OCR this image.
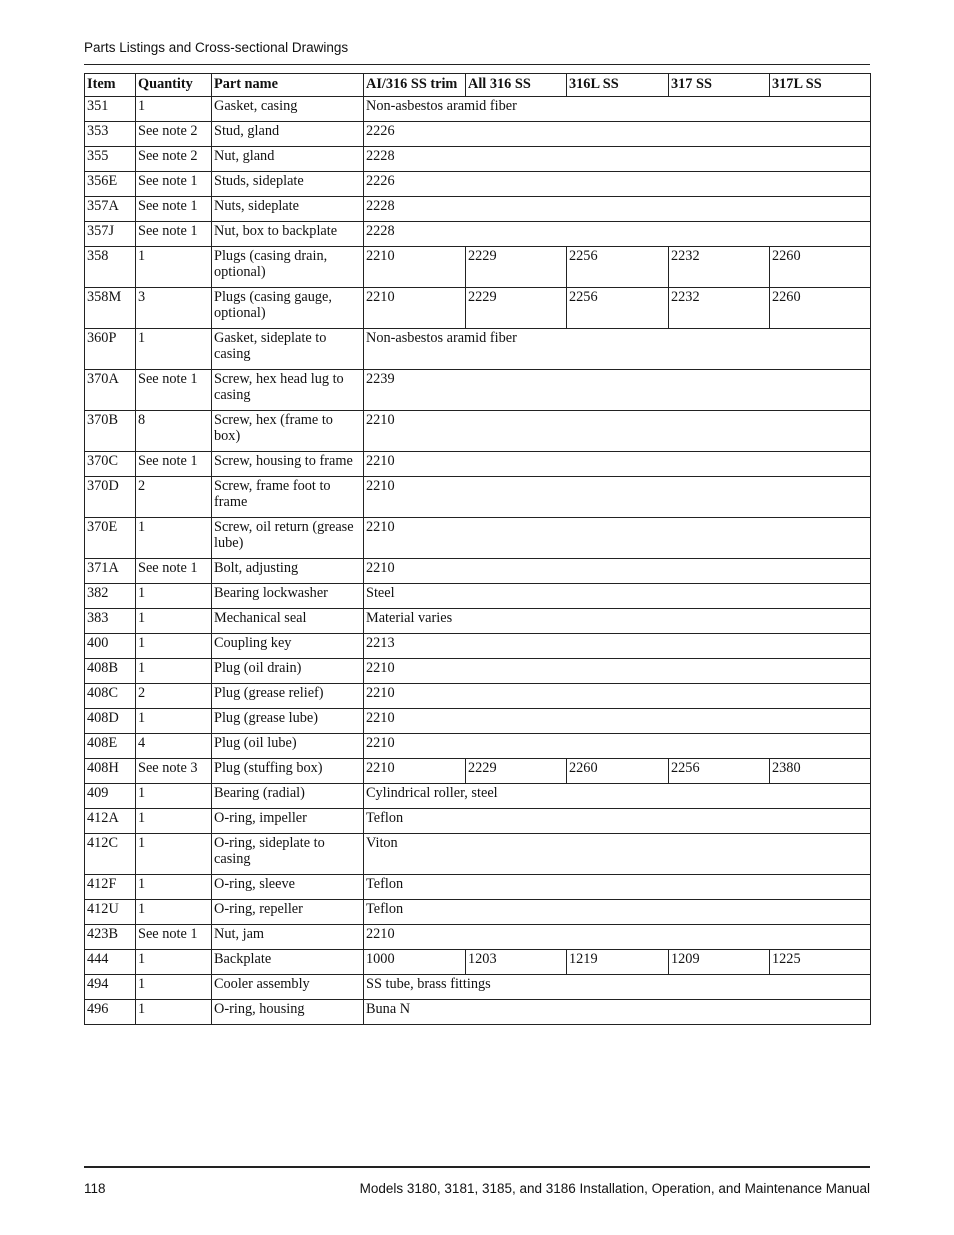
Parts Listings and Cross-sectional Drawings
Item	Quantity	Part name	AI/316 SS trim	All 316 SS	316L SS	317 SS	317L SS
351	1	Gasket, casing	Non-asbestos aramid fiber				
353	See note 2	Stud, gland	2226				
355	See note 2	Nut, gland	2228				
356E	See note 1	Studs, sideplate	2226				
357A	See note 1	Nuts, sideplate	2228				
357J	See note 1	Nut, box to backplate	2228				
358	1	Plugs (casing drain, optional)	2210	2229	2256	2232	2260
358M	3	Plugs (casing gauge, optional)	2210	2229	2256	2232	2260
360P	1	Gasket, sideplate to casing	Non-asbestos aramid fiber				
370A	See note 1	Screw, hex head lug to casing	2239				
370B	8	Screw, hex (frame to box)	2210				
370C	See note 1	Screw, housing to frame	2210				
370D	2	Screw, frame foot to frame	2210				
370E	1	Screw, oil return (grease lube)	2210				
371A	See note 1	Bolt, adjusting	2210				
382	1	Bearing lockwasher	Steel				
383	1	Mechanical seal	Material varies				
400	1	Coupling key	2213				
408B	1	Plug (oil drain)	2210				
408C	2	Plug (grease relief)	2210				
408D	1	Plug (grease lube)	2210				
408E	4	Plug (oil lube)	2210				
408H	See note 3	Plug (stuffing box)	2210	2229	2260	2256	2380
409	1	Bearing (radial)	Cylindrical roller, steel				
412A	1	O-ring, impeller	Teflon				
412C	1	O-ring, sideplate to casing	Viton				
412F	1	O-ring, sleeve	Teflon				
412U	1	O-ring, repeller	Teflon				
423B	See note 1	Nut, jam	2210				
444	1	Backplate	1000	1203	1219	1209	1225
494	1	Cooler assembly	SS tube, brass fittings				
496	1	O-ring, housing	Buna N				
118	Models 3180, 3181, 3185, and 3186 Installation, Operation, and Maintenance Manual
